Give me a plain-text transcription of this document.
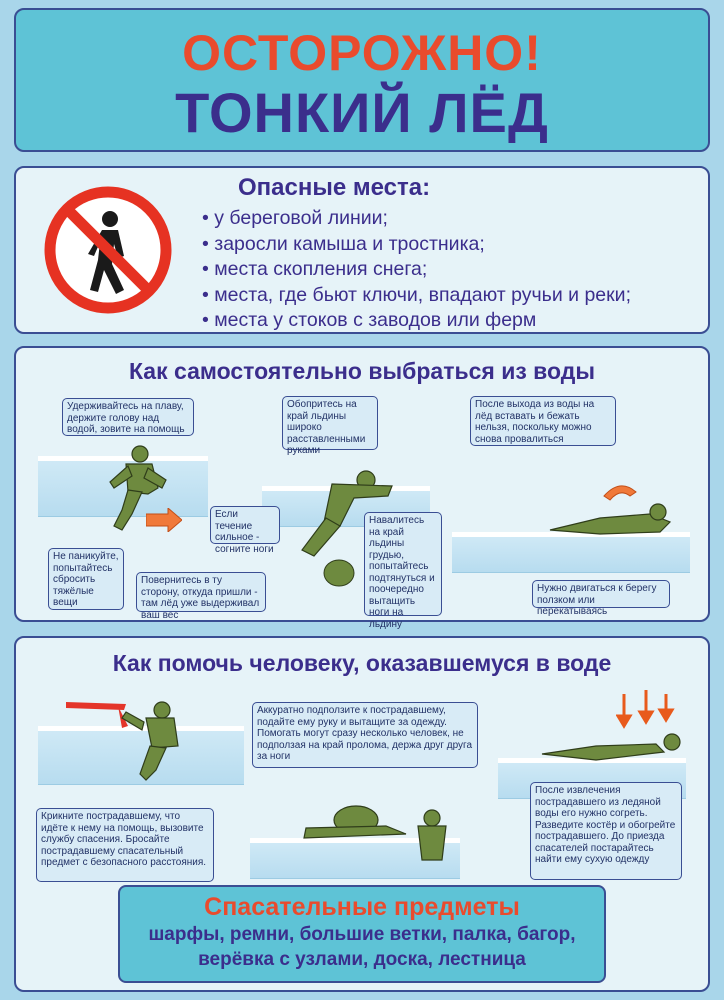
ОСТОРОЖНО!
ТОНКИЙ ЛЁД
Опасные места:
• у береговой линии;
• заросли камыша и тростника;
• места скопления снега;
• места, где бьют ключи, впадают ручьи и реки;
• места у стоков с заводов или ферм
Как самостоятельно выбраться из воды
Удерживайтесь на плаву, держите голову над водой, зовите на помощь
Обопритесь на край льдины широко расставленными руками
После выхода из воды на лёд вставать и бежать нельзя, поскольку можно снова провалиться
Если течение сильное - согните ноги
Навалитесь на край льдины грудью, попытайтесь подтянуться и поочередно вытащить ноги на льдину
Не паникуйте, попытайтесь сбросить тяжёлые вещи
Повернитесь в ту сторону, откуда пришли - там лёд уже выдерживал ваш вес
Нужно двигаться к берегу ползком или перекатываясь
Как помочь человеку, оказавшемуся в воде
Аккуратно подползите к пострадавшему, подайте ему руку и вытащите за одежду. Помогать могут сразу несколько человек, не подползая на край пролома, держа друг друга за ноги
Крикните пострадавшему, что идёте к нему на помощь, вызовите службу спасения. Бросайте пострадавшему спасательный предмет с безопасного расстояния.
После извлечения пострадавшего из ледяной воды его нужно согреть. Разведите костёр и обогрейте пострадавшего. До приезда спасателей постарайтесь найти ему сухую одежду
Спасательные предметы
шарфы, ремни, большие ветки, палка, багор,
верёвка с узлами, доска, лестница
